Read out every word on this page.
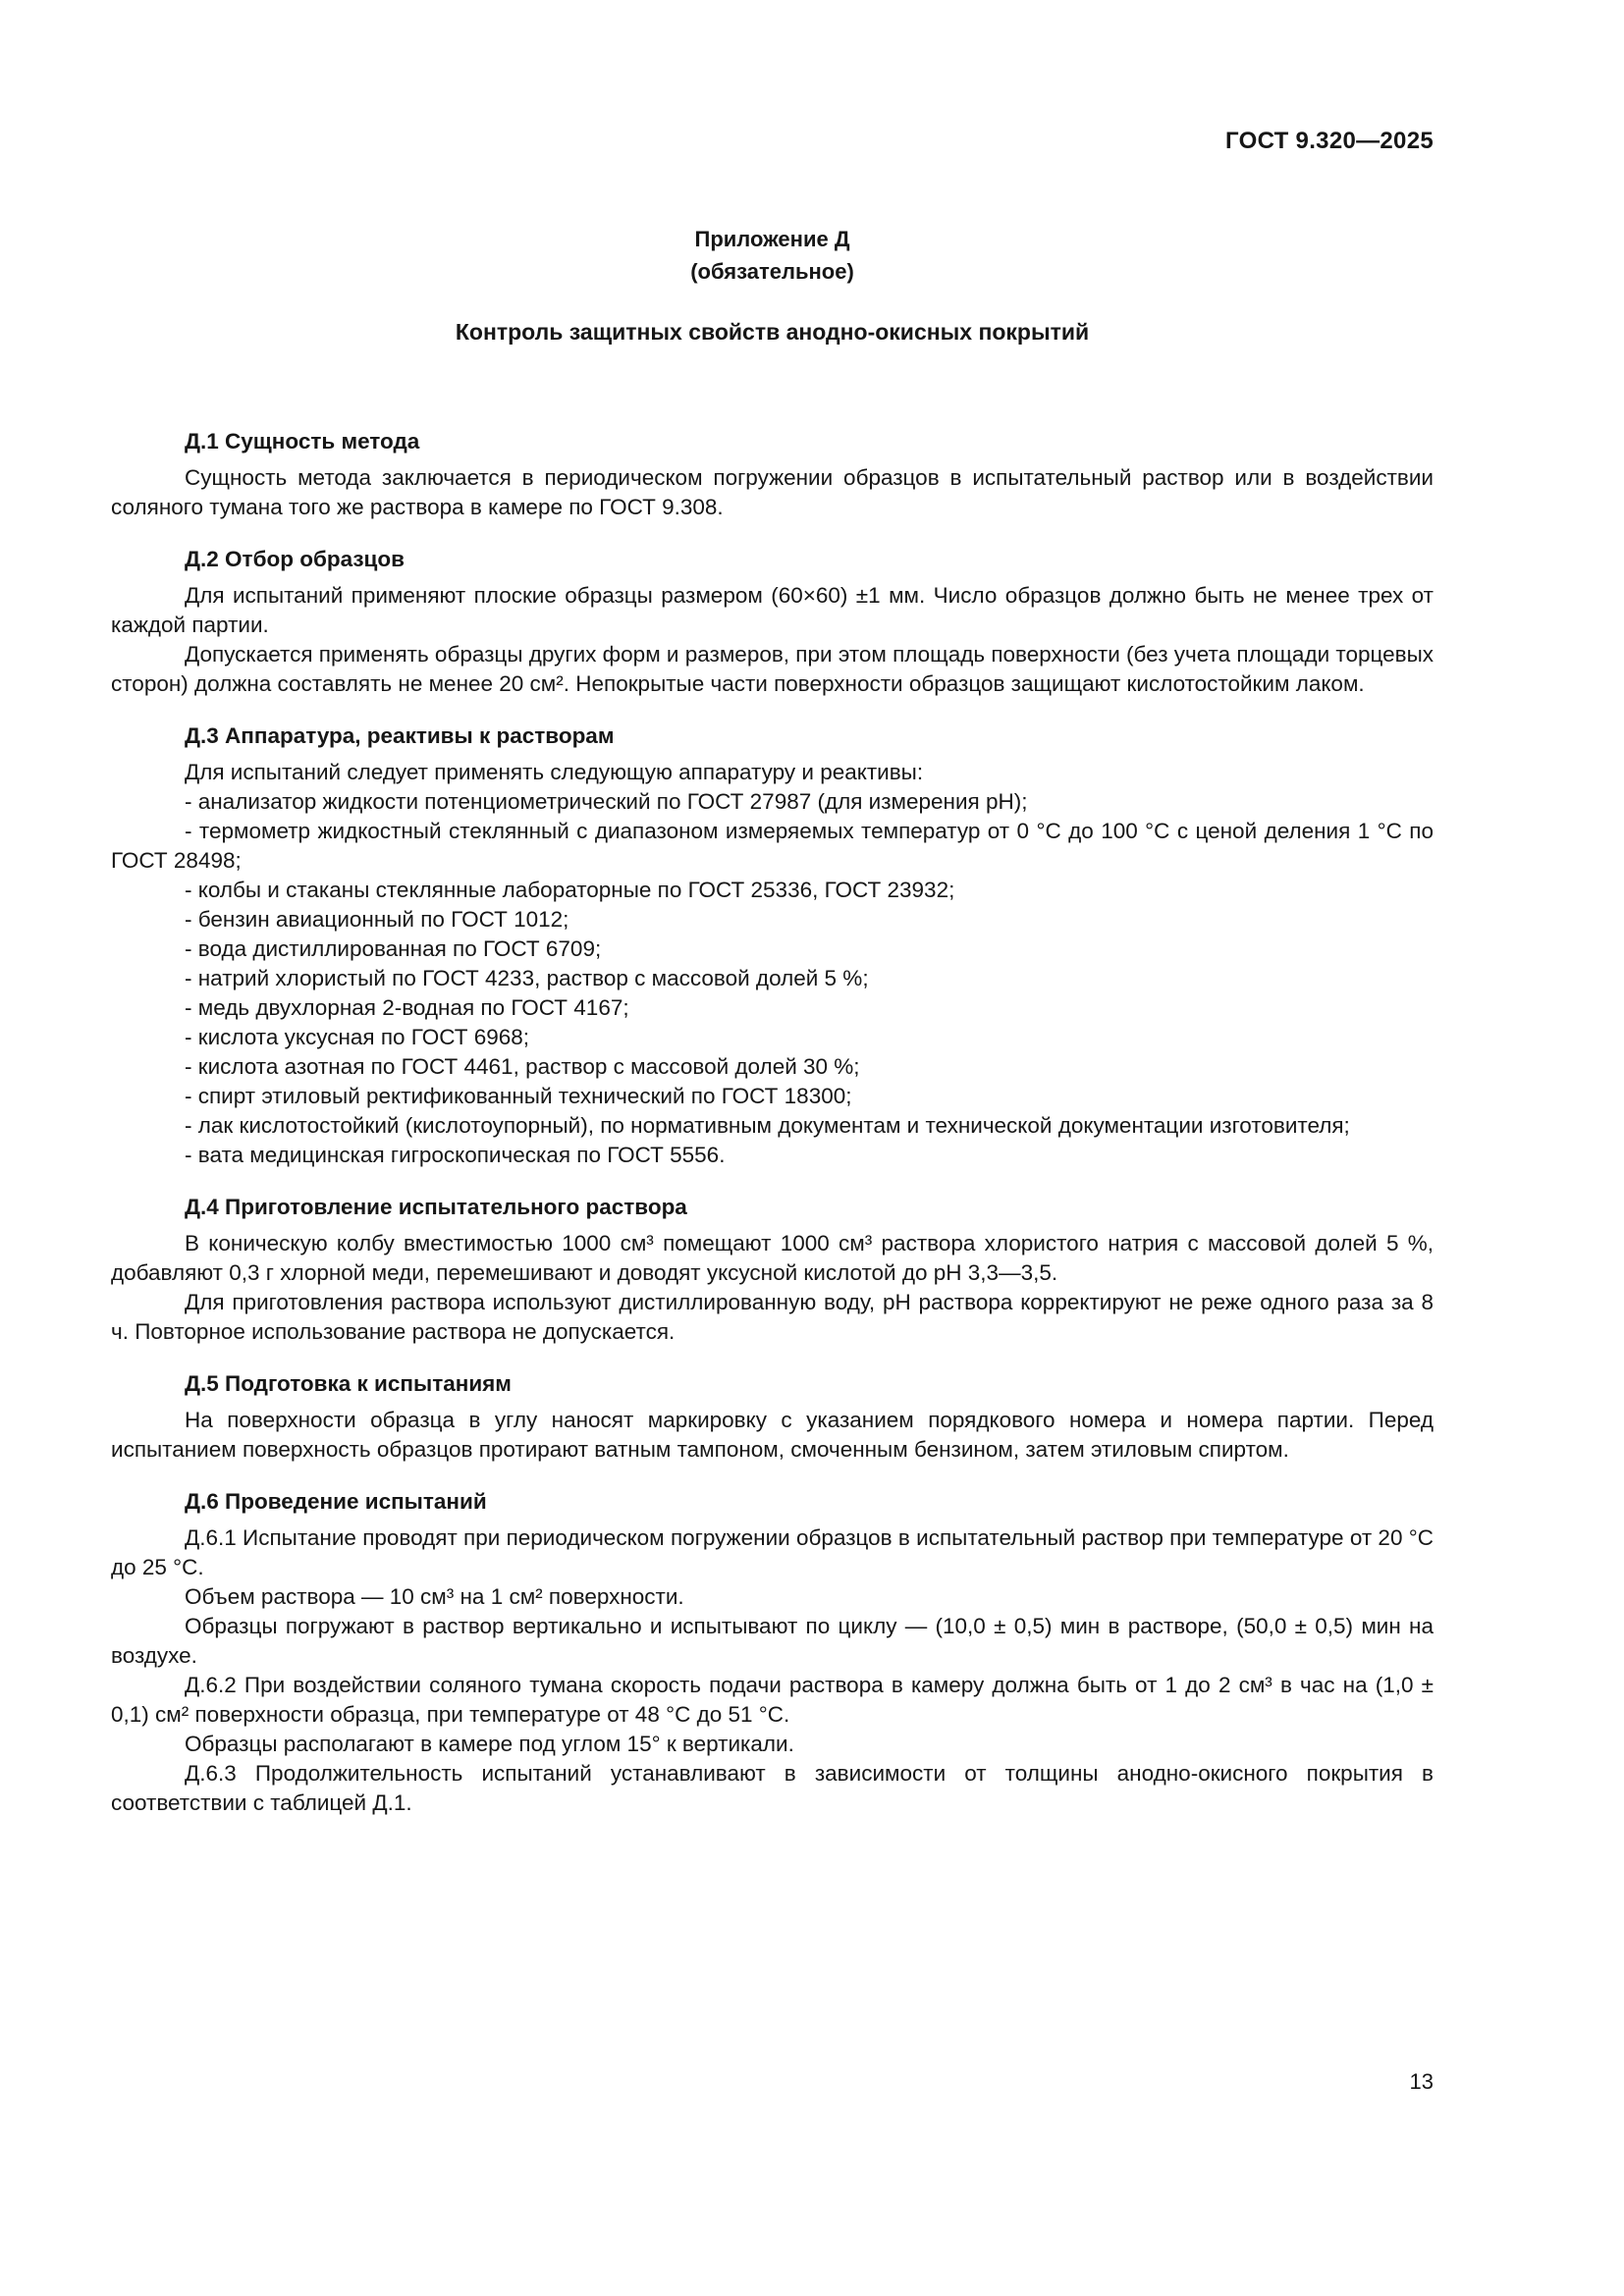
ГОСТ 9.320—2025
Приложение Д
(обязательное)
Контроль защитных свойств анодно-окисных покрытий

Д.1 Сущность метода

Сущность метода заключается в периодическом погружении образцов в испытательный раствор или в воздействии соляного тумана того же раствора в камере по ГОСТ 9.308.

Д.2 Отбор образцов

Для испытаний применяют плоские образцы размером (60×60) ±1 мм. Число образцов должно быть не менее трех от каждой партии.

Допускается применять образцы других форм и размеров, при этом площадь поверхности (без учета площади торцевых сторон) должна составлять не менее 20 см². Непокрытые части поверхности образцов защищают кислотостойким лаком.

Д.3 Аппаратура, реактивы к растворам

Для испытаний следует применять следующую аппаратуру и реактивы:

- анализатор жидкости потенциометрический по ГОСТ 27987 (для измерения pH);

- термометр жидкостный стеклянный с диапазоном измеряемых температур от 0 °С до 100 °С с ценой деления 1 °С по ГОСТ 28498;

- колбы и стаканы стеклянные лабораторные по ГОСТ 25336, ГОСТ 23932;

- бензин авиационный по ГОСТ 1012;

- вода дистиллированная по ГОСТ 6709;

- натрий хлористый по ГОСТ 4233, раствор с массовой долей 5 %;

- медь двухлорная 2-водная по ГОСТ 4167;

- кислота уксусная по ГОСТ 6968;

- кислота азотная по ГОСТ 4461, раствор с массовой долей 30 %;

- спирт этиловый ректификованный технический по ГОСТ 18300;

- лак кислотостойкий (кислотоупорный), по нормативным документам и технической документации изготовителя;

- вата медицинская гигроскопическая по ГОСТ 5556.

Д.4 Приготовление испытательного раствора

В коническую колбу вместимостью 1000 см³ помещают 1000 см³ раствора хлористого натрия с массовой долей 5 %, добавляют 0,3 г хлорной меди, перемешивают и доводят уксусной кислотой до pH 3,3—3,5.

Для приготовления раствора используют дистиллированную воду, pH раствора корректируют не реже одного раза за 8 ч. Повторное использование раствора не допускается.

Д.5 Подготовка к испытаниям

На поверхности образца в углу наносят маркировку с указанием порядкового номера и номера партии. Перед испытанием поверхность образцов протирают ватным тампоном, смоченным бензином, затем этиловым спиртом.

Д.6 Проведение испытаний

Д.6.1 Испытание проводят при периодическом погружении образцов в испытательный раствор при температуре от 20 °С до 25 °С.

Объем раствора — 10 см³ на 1 см² поверхности.

Образцы погружают в раствор вертикально и испытывают по циклу — (10,0 ± 0,5) мин в растворе, (50,0 ± 0,5) мин на воздухе.

Д.6.2 При воздействии соляного тумана скорость подачи раствора в камеру должна быть от 1 до 2 см³ в час на (1,0 ± 0,1) см² поверхности образца, при температуре от 48 °С до 51 °С.

Образцы располагают в камере под углом 15° к вертикали.

Д.6.3 Продолжительность испытаний устанавливают в зависимости от толщины анодно-окисного покрытия в соответствии с таблицей Д.1.

13
